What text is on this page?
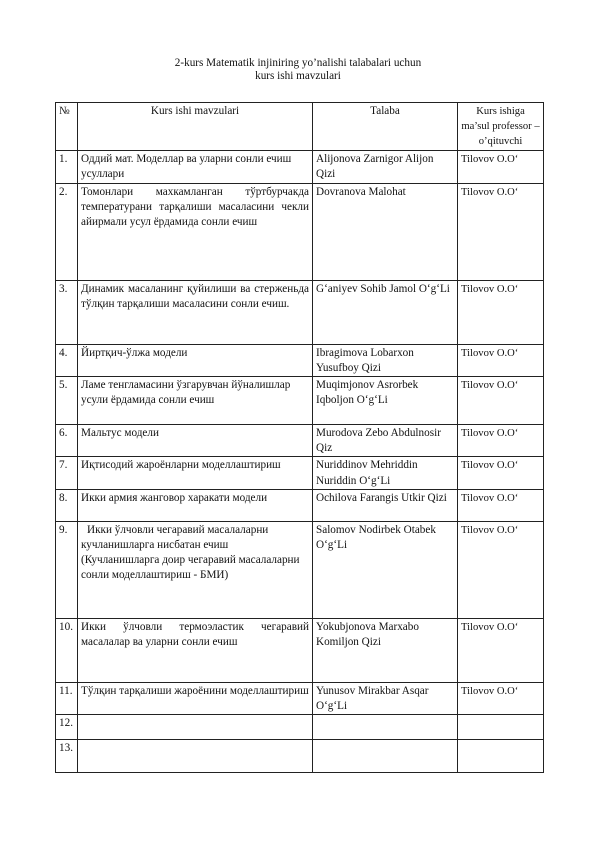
2-kurs Matematik injiniring yo’nalishi talabalari uchun
kurs ishi mavzulari
№	Kurs ishi mavzulari	Talaba	Kurs ishiga ma’sul professor –o’qituvchi
1.	Оддий мат. Моделлар ва уларни сонли ечиш усуллари	Alijonova Zarnigor Alijon Qizi	Tilovov O.O‘
2.	Томонлари махкамланган тўртбурчакда температурани тарқалиши масаласини чекли айирмали усул ёрдамида сонли ечиш	Dovranova Malohat	Tilovov O.O‘
3.	Динамик масаланинг қуйилиши ва стерженьда тўлқин тарқалиши масаласини сонли ечиш.	G‘aniyev Sohib Jamol O‘g‘Li	Tilovov O.O‘
4.	Йиртқич-ўлжа модели	Ibragimova Lobarxon Yusufboy Qizi	Tilovov O.O‘
5.	Ламе тенгламасини ўзгарувчан йўналишлар усули ёрдамида сонли ечиш	Muqimjonov Asrorbek Iqboljon O‘g‘Li	Tilovov O.O‘
6.	Мальтус модели	Murodova Zebo Abdulnosir Qiz	Tilovov O.O‘
7.	Иқтисодий жароёнларни моделлаштириш	Nuriddinov Mehriddin Nuriddin O‘g‘Li	Tilovov O.O‘
8.	Икки армия жанговор харакати модели	Ochilova Farangis Utkir Qizi	Tilovov O.O‘
9.	Икки ўлчовли чегаравий масалаларни кучланишларга нисбатан ечиш (Кучланишларга доир чегаравий масалаларни сонли моделлаштириш - БМИ)	Salomov Nodirbek Otabek O‘g‘Li	Tilovov O.O‘
10.	Икки ўлчовли термоэластик чегаравий масалалар ва уларни сонли ечиш	Yokubjonova Marxabo Komiljon Qizi	Tilovov O.O‘
11.	Тўлқин тарқалиши жароёнини моделлаштириш	Yunusov Mirakbar Asqar O‘g‘Li	Tilovov O.O‘
12.			
13.			
